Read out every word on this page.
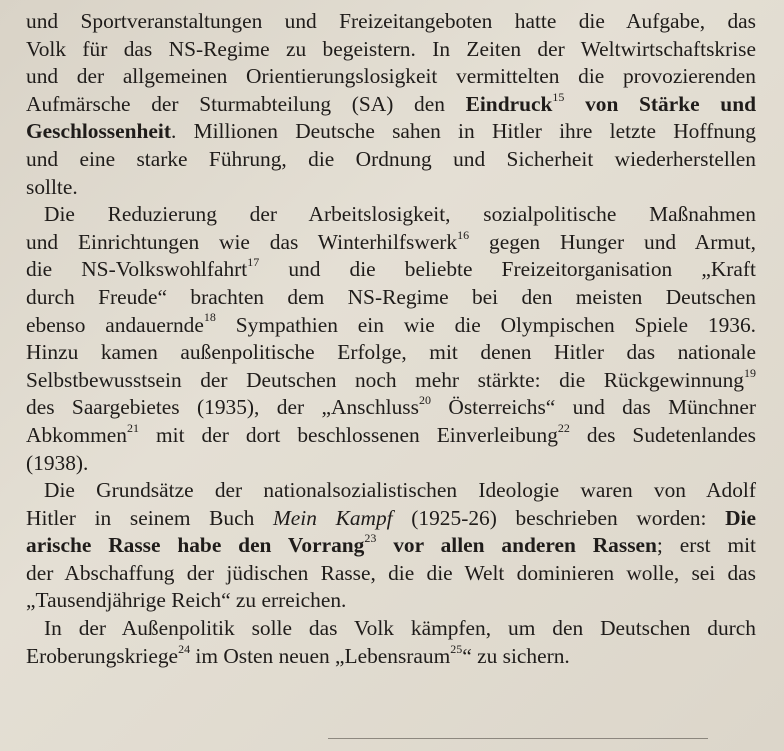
und Sportveranstaltungen und Freizeitangeboten hatte die Aufgabe, das
Volk für das NS-Regime zu begeistern. In Zeiten der Weltwirtschaftskrise
und der allgemeinen Orientierungslosigkeit vermittelten die provozierenden
Aufmärsche der Sturmabteilung (SA) den Eindruck$^{15}$ von Stärke und
Geschlossenheit. Millionen Deutsche sahen in Hitler ihre letzte Hoffnung
und eine starke Führung, die Ordnung und Sicherheit wiederherstellen
sollte.
Die Reduzierung der Arbeitslosigkeit, sozialpolitische Maßnahmen
und Einrichtungen wie das Winterhilfswerk$^{16}$ gegen Hunger und Armut,
die NS-Volkswohlfahrt$^{17}$ und die beliebte Freizeitorganisation „Kraft
durch Freude“ brachten dem NS-Regime bei den meisten Deutschen
ebenso andauernde$^{18}$ Sympathien ein wie die Olympischen Spiele 1936.
Hinzu kamen außenpolitische Erfolge, mit denen Hitler das nationale
Selbstbewusstsein der Deutschen noch mehr stärkte: die Rückgewinnung$^{19}$
des Saargebietes (1935), der „Anschluss$^{20}$ Österreichs“ und das Münchner
Abkommen$^{21}$ mit der dort beschlossenen Einverleibung$^{22}$ des Sudetenlandes
(1938).
Die Grundsätze der nationalsozialistischen Ideologie waren von Adolf
Hitler in seinem Buch Mein Kampf (1925-26) beschrieben worden: Die
arische Rasse habe den Vorrang$^{23}$ vor allen anderen Rassen; erst mit
der Abschaffung der jüdischen Rasse, die die Welt dominieren wolle, sei das
„Tausendjährige Reich“ zu erreichen.
In der Außenpolitik solle das Volk kämpfen, um den Deutschen durch
Eroberungskriege$^{24}$ im Osten neuen „Lebensraum$^{25}$“ zu sichern.
